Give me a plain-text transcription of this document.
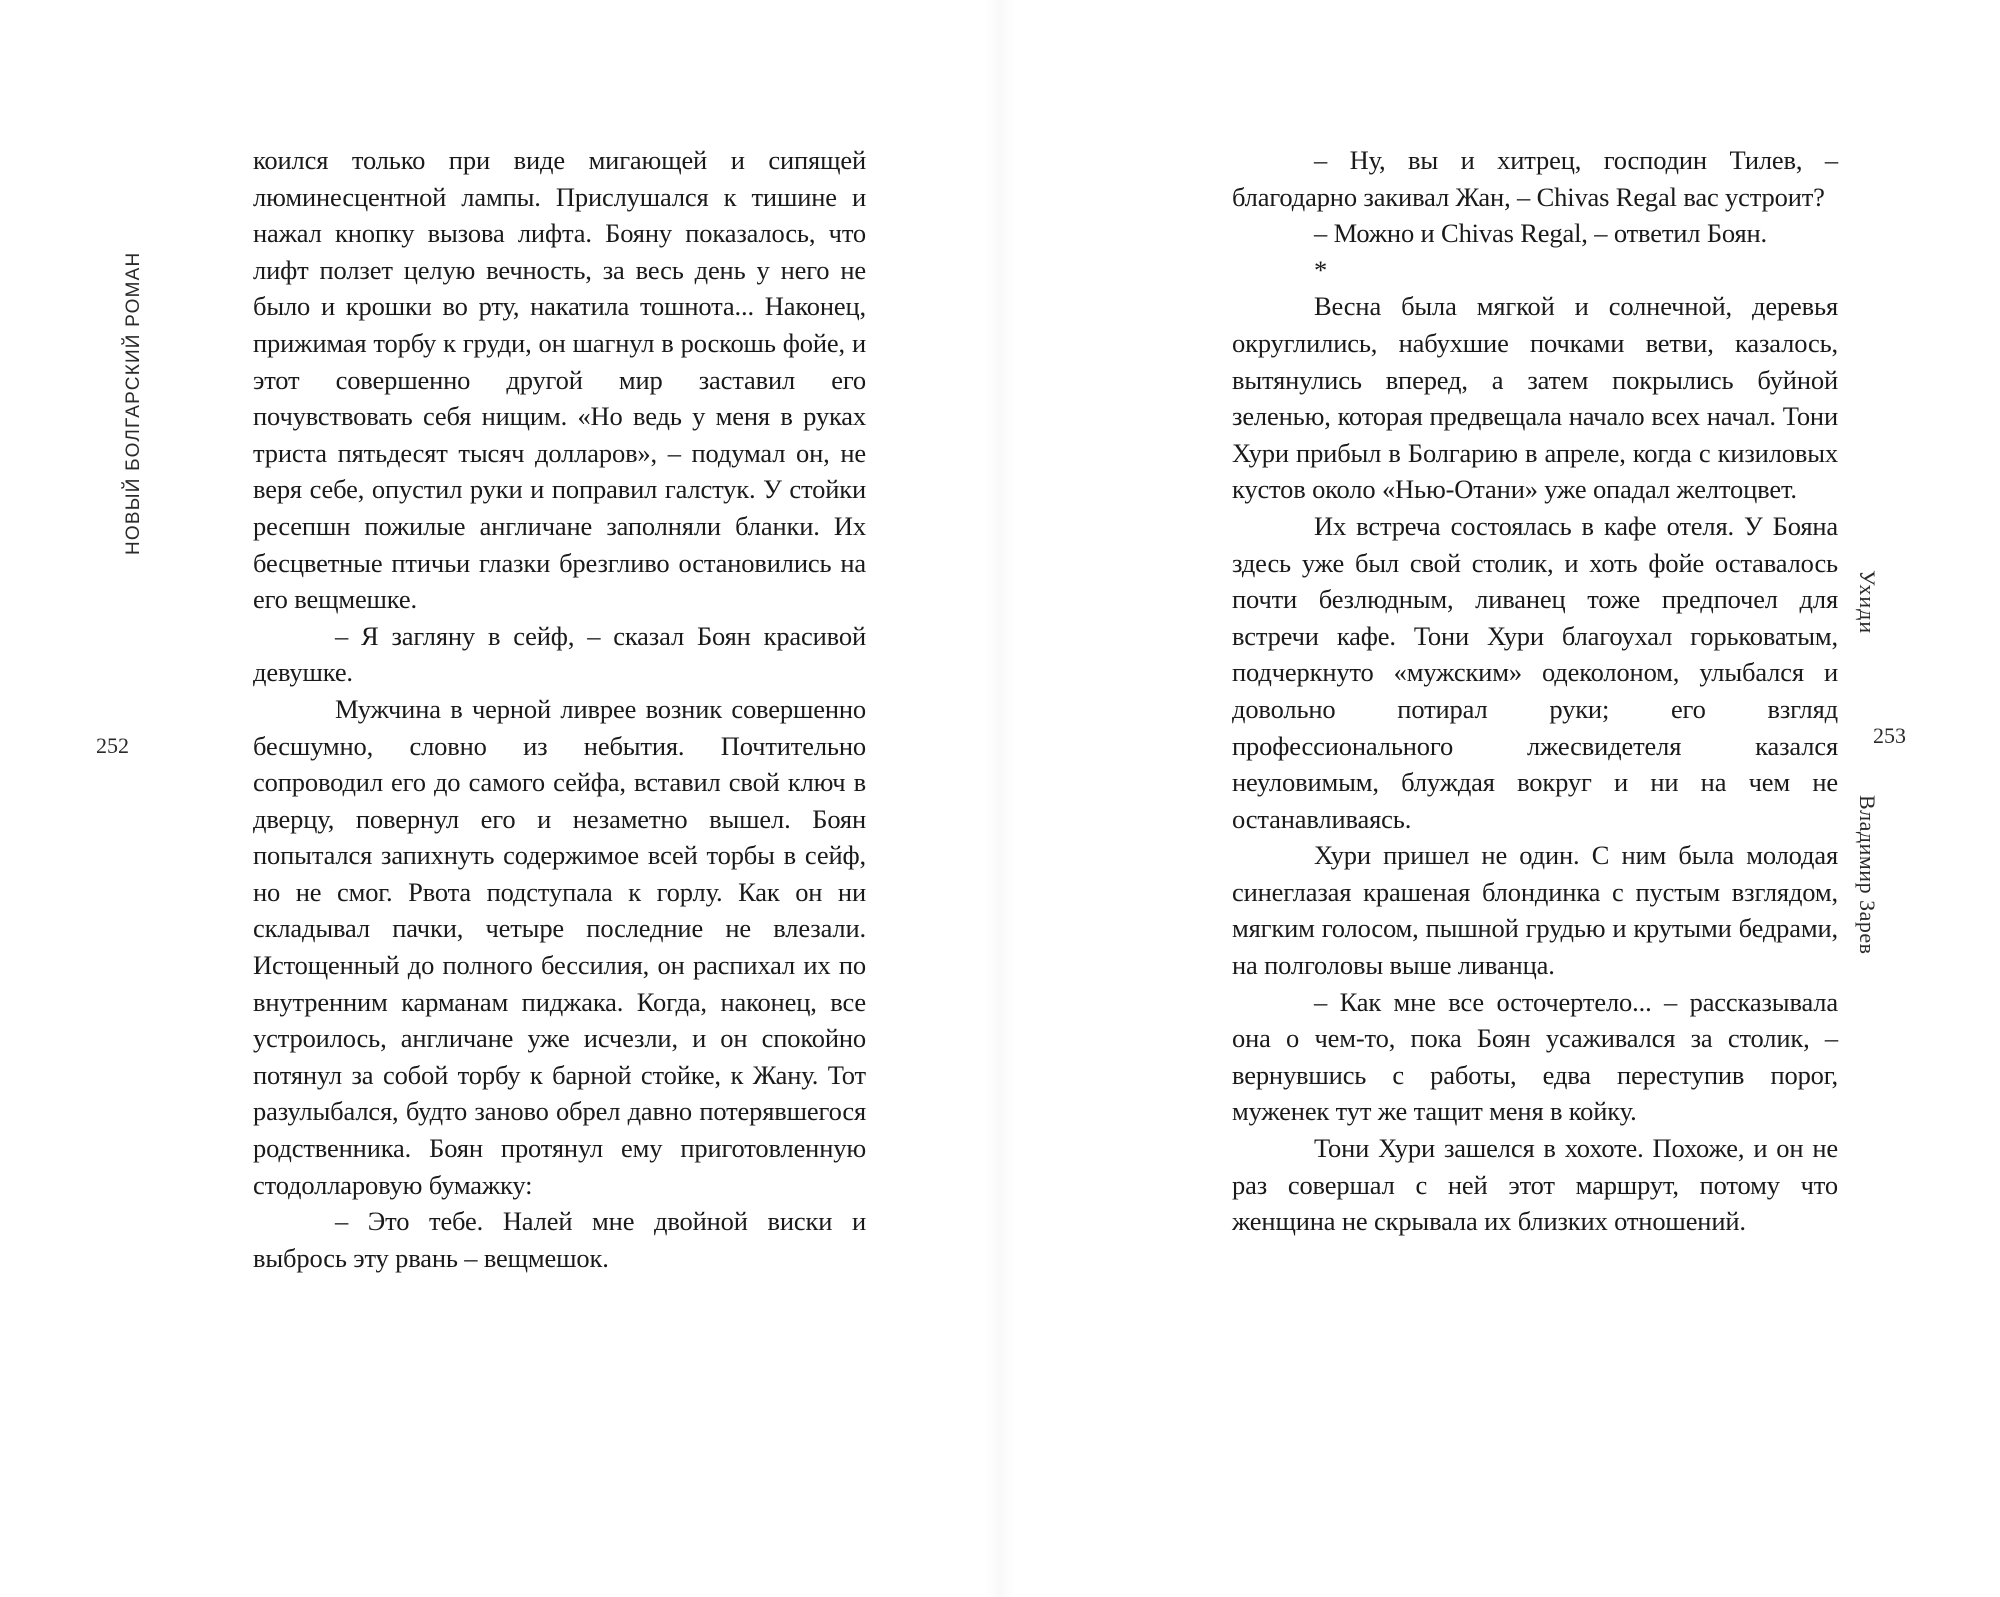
НОВЫЙ БОЛГАРСКИЙ РОМАН
252

коился только при виде мигающей и сипящей люминесцентной лампы. Прислушался к тишине и нажал кнопку вызова лифта. Бояну показалось, что лифт ползет целую вечность, за весь день у него не было и крошки во рту, накатила тошнота... Наконец, прижимая торбу к груди, он шагнул в роскошь фойе, и этот совершенно другой мир заставил его почувствовать себя нищим. «Но ведь у меня в руках триста пятьдесят тысяч долларов», – подумал он, не веря себе, опустил руки и поправил галстук. У стойки ресепшн пожилые англичане заполняли бланки. Их бесцветные птичьи глазки брезгливо остановились на его вещмешке.

– Я загляну в сейф, – сказал Боян красивой девушке.

Мужчина в черной ливрее возник совершенно бесшумно, словно из небытия. Почтительно сопроводил его до самого сейфа, вставил свой ключ в дверцу, повернул его и незаметно вышел. Боян попытался запихнуть содержимое всей торбы в сейф, но не смог. Рвота подступала к горлу. Как он ни складывал пачки, четыре последние не влезали. Истощенный до полного бессилия, он распихал их по внутренним карманам пиджака. Когда, наконец, все устроилось, англичане уже исчезли, и он спокойно потянул за собой торбу к барной стойке, к Жану. Тот разулыбался, будто заново обрел давно потерявшегося родственника. Боян протянул ему приготовленную стодолларовую бумажку:

– Это тебе. Налей мне двойной виски и выбрось эту рвань – вещмешок.

Ухиди
Владимир Зарев
253

– Ну, вы и хитрец, господин Тилев, – благодарно закивал Жан, – Chivas Regal вас устроит?

– Можно и Chivas Regal, – ответил Боян.

*

Весна была мягкой и солнечной, деревья округлились, набухшие почками ветви, казалось, вытянулись вперед, а затем покрылись буйной зеленью, которая предвещала начало всех начал. Тони Хури прибыл в Болгарию в апреле, когда с кизиловых кустов около «Нью-Отани» уже опадал желтоцвет.

Их встреча состоялась в кафе отеля. У Бояна здесь уже был свой столик, и хоть фойе оставалось почти безлюдным, ливанец тоже предпочел для встречи кафе. Тони Хури благоухал горьковатым, подчеркнуто «мужским» одеколоном, улыбался и довольно потирал руки; его взгляд профессионального лжесвидетеля казался неуловимым, блуждая вокруг и ни на чем не останавливаясь.

Хури пришел не один. С ним была молодая синеглазая крашеная блондинка с пустым взглядом, мягким голосом, пышной грудью и крутыми бедрами, на полголовы выше ливанца.

– Как мне все осточертело... – рассказывала она о чем-то, пока Боян усаживался за столик, – вернувшись с работы, едва переступив порог, муженек тут же тащит меня в койку.

Тони Хури зашелся в хохоте. Похоже, и он не раз совершал с ней этот маршрут, потому что женщина не скрывала их близких отношений.
